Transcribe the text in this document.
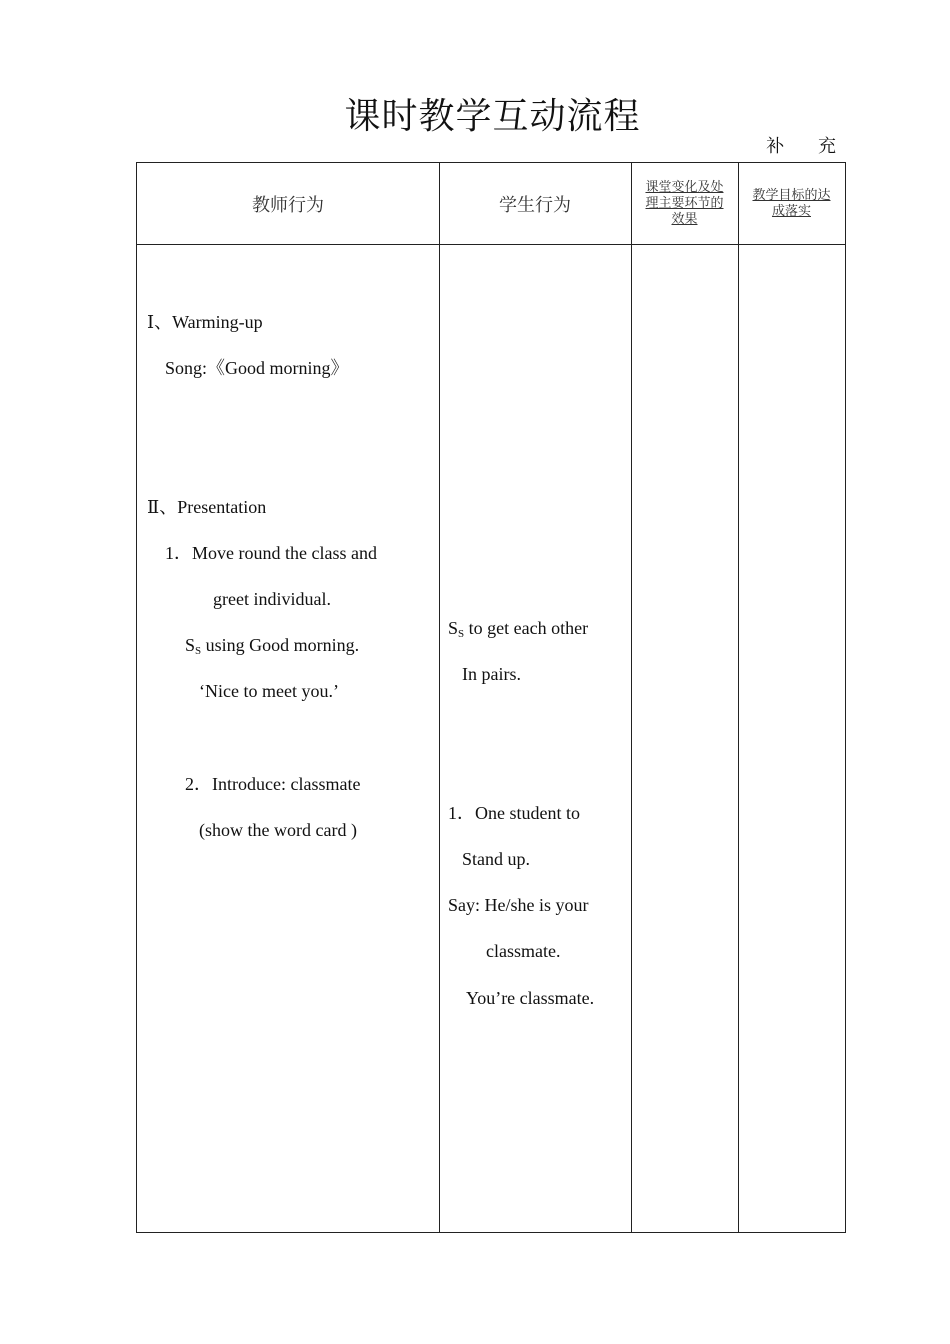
课时教学互动流程
补 充
教师行为	学生行为
课堂变化及处理主要环节的效果
教学目标的达成落实
Ⅰ、Warming-up
Song:《Good morning》
Ⅱ、Presentation
1．Move round the class and
greet individual.
$S_S$ using Good morning.
‘Nice to meet you.’
2．Introduce: classmate
(show the word card )
$S_S$ to get each other
In pairs.
1．One student to
Stand up.
Say: He/she is your
classmate.
You’re classmate.
